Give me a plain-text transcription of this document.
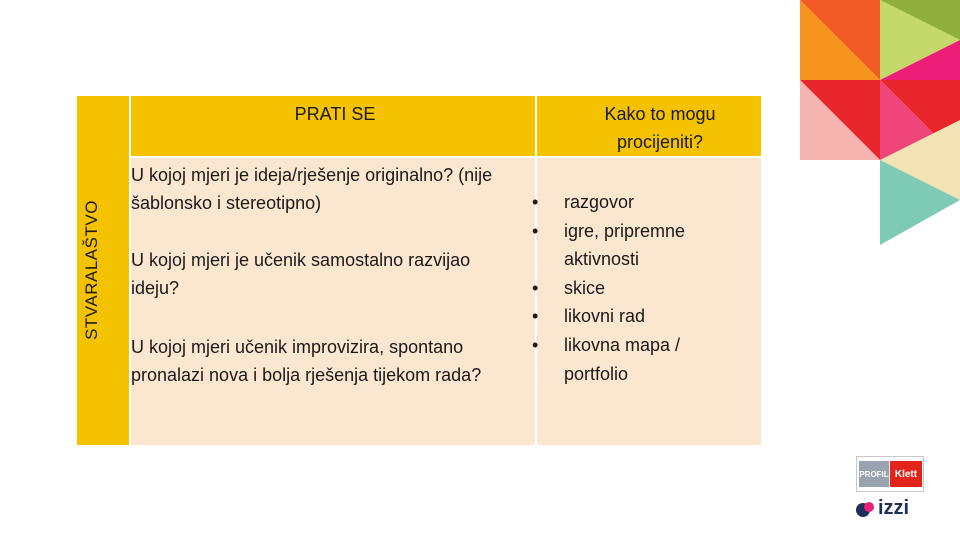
STVARALAŠTVO
PRATI SE	Kako to mogu procijeniti?
U kojoj mjeri je ideja/rješenje originalno? (nije šablonsko i stereotipno)
U kojoj mjeri je učenik samostalno razvijao ideju?
U kojoj mjeri učenik improvizira, spontano pronalazi nova i bolja rješenja tijekom rada?
• razgovor
• igre, pripremne aktivnosti
• skice
• likovni rad
• likovna mapa / portfolio
PROFIL Klett
izzi
